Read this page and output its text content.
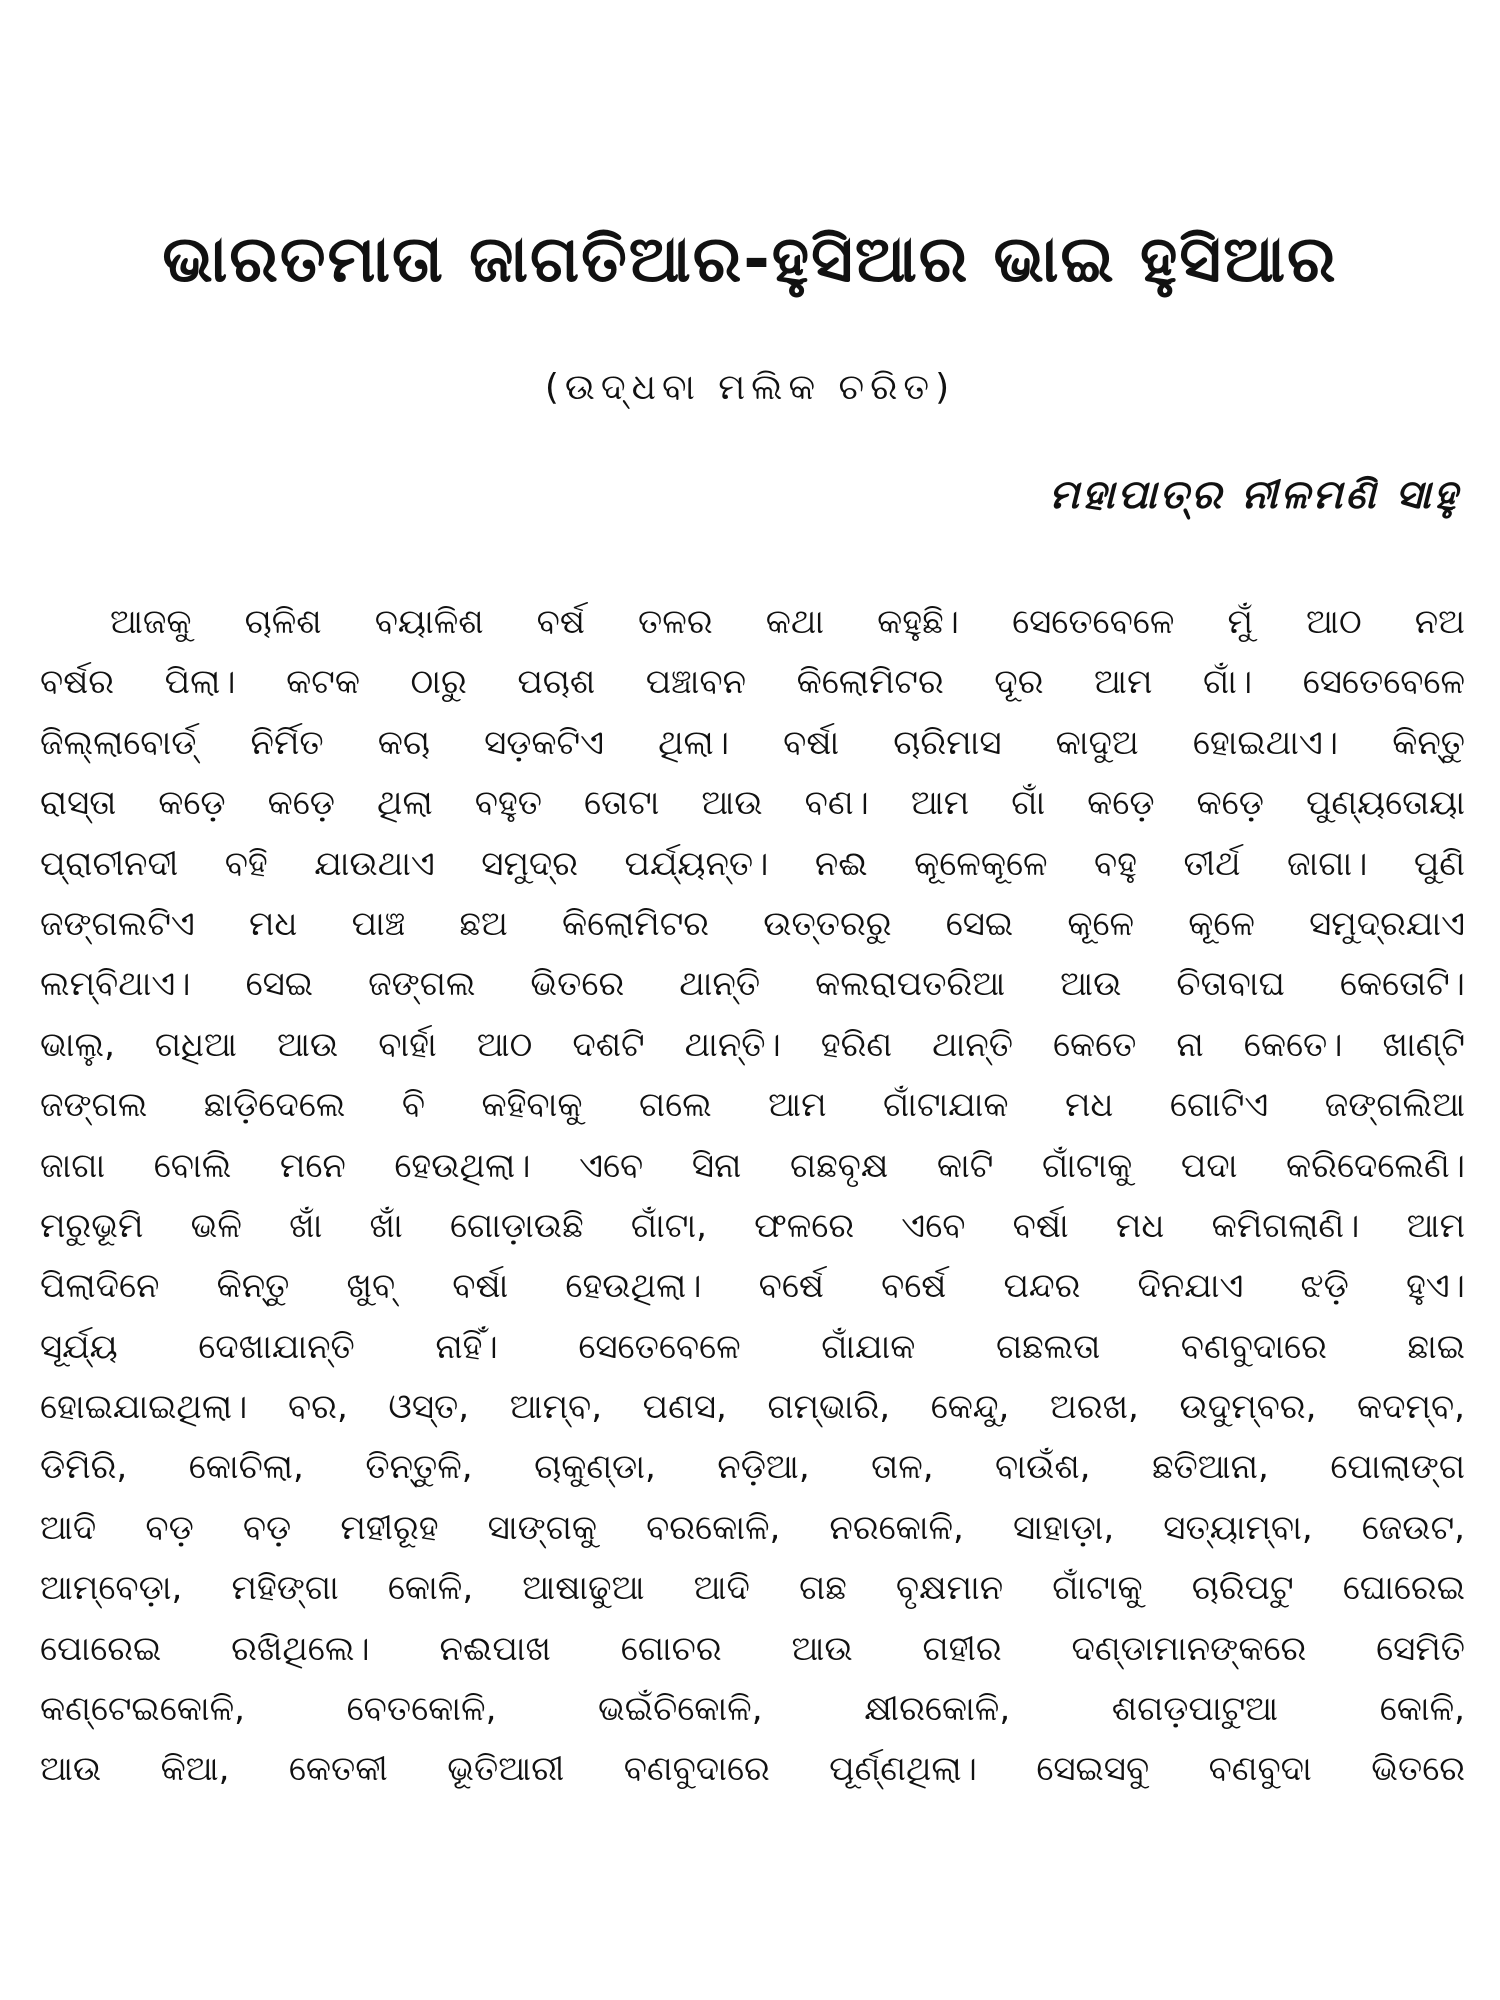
ଭାରତମାତା ଜାଗତିଆର-ହୁସିଆର ଭାଇ ହୁସିଆର
(ଉଦ୍ଧବା ମଲିକ ଚରିତ)
ମହାପାତ୍ର ନୀଳମଣି ସାହୁ
ଆଜକୁ ଚାଳିଶ ବୟାଳିଶ ବର୍ଷ ତଳର କଥା କହୁଛି। ସେତେବେଳେ ମୁଁ ଆଠ ନଅ
ବର୍ଷର ପିଲା। କଟକ ଠାରୁ ପଚାଶ ପଞ୍ଚାବନ କିଲୋମିଟର ଦୂର ଆମ ଗାଁ। ସେତେବେଳେ
ଜିଲ୍ଲାବୋର୍ଡ୍ ନିର୍ମିତ କଚା ସଡ଼କଟିଏ ଥିଲା। ବର୍ଷା ଚାରିମାସ କାଦୁଅ ହୋଇଥାଏ। କିନ୍ତୁ
ରାସ୍ତା କଡ଼େ କଡ଼େ ଥିଲା ବହୁତ ତୋଟା ଆଉ ବଣ। ଆମ ଗାଁ କଡ଼େ କଡ଼େ ପୁଣ୍ୟତୋୟା
ପ୍ରାଚୀନଦୀ ବହି ଯାଉଥାଏ ସମୁଦ୍ର ପର୍ଯ୍ୟନ୍ତ। ନଈ କୂଳେକୂଳେ ବହୁ ତୀର୍ଥ ଜାଗା। ପୁଣି
ଜଙ୍ଗଲଟିଏ ମଧ ପାଞ୍ଚ ଛଅ କିଲୋମିଟର ଉତ୍ତରରୁ ସେଇ କୂଳେ କୂଳେ ସମୁଦ୍ରଯାଏ
ଲମ୍ବିଥାଏ। ସେଇ ଜଙ୍ଗଲ ଭିତରେ ଥାନ୍ତି କଲରାପତରିଆ ଆଉ ଚିତାବାଘ କେତୋଟି।
ଭାଲୁ, ଗଧିଆ ଆଉ ବାର୍ହା ଆଠ ଦଶଟି ଥାନ୍ତି। ହରିଣ ଥାନ୍ତି କେତେ ନା କେତେ। ଖାଣ୍ଟି
ଜଙ୍ଗଲ ଛାଡ଼ିଦେଲେ ବି କହିବାକୁ ଗଲେ ଆମ ଗାଁଟାଯାକ ମଧ ଗୋଟିଏ ଜଙ୍ଗଲିଆ
ଜାଗା ବୋଲି ମନେ ହେଉଥିଲା। ଏବେ ସିନା ଗଛବୃକ୍ଷ କାଟି ଗାଁଟାକୁ ପଦା କରିଦେଲେଣି।
ମରୁଭୂମି ଭଳି ଖାଁ ଖାଁ ଗୋଡ଼ାଉଛି ଗାଁଟା, ଫଳରେ ଏବେ ବର୍ଷା ମଧ କମିଗଲାଣି। ଆମ
ପିଲାଦିନେ କିନ୍ତୁ ଖୁବ୍ ବର୍ଷା ହେଉଥିଲା। ବର୍ଷେ ବର୍ଷେ ପନ୍ଦର ଦିନଯାଏ ଝଡ଼ି ହୁଏ।
ସୂର୍ଯ୍ୟ ଦେଖାଯାନ୍ତି ନାହିଁ। ସେତେବେଳେ ଗାଁଯାକ ଗଛଲତା ବଣବୁଦାରେ ଛାଇ
ହୋଇଯାଇଥିଲା। ବର, ଓସ୍ତ, ଆମ୍ବ, ପଣସ, ଗମ୍ଭାରି, କେନ୍ଦୁ, ଅରଖ, ଉଦୁମ୍ବର, କଦମ୍ବ,
ଡିମିରି, କୋଚିଲା, ତିନ୍ତୁଳି, ଚାକୁଣ୍ଡା, ନଡ଼ିଆ, ତାଳ, ବାଉଁଶ, ଛତିଆନା, ପୋଲାଙ୍ଗ
ଆଦି ବଡ଼ ବଡ଼ ମହୀରୂହ ସାଙ୍ଗକୁ ବରକୋଳି, ନରକୋଳି, ସାହାଡ଼ା, ସତ୍ୟାମ୍ବା, ଜେଉଟ,
ଆମ୍ବେଡ଼ା, ମହିଙ୍ଗା କୋଳି, ଆଷାଢୁଆ ଆଦି ଗଛ ବୃକ୍ଷମାନ ଗାଁଟାକୁ ଚାରିପଟୁ ଘୋରେଇ
ପୋରେଇ ରଖିଥିଲେ। ନଈପାଖ ଗୋଚର ଆଉ ଗହୀର ଦଣ୍ଡାମାନଙ୍କରେ ସେମିତି
କଣ୍ଟେଇକୋଳି, ବେତକୋଳି, ଭଇଁଚିକୋଳି, କ୍ଷୀରକୋଳି, ଶଗଡ଼ପାଟୁଆ କୋଳି,
ଆଉ କିଆ, କେତକୀ ଭୂତିଆରୀ ବଣବୁଦାରେ ପୂର୍ଣ୍ଣଥିଲା। ସେଇସବୁ ବଣବୁଦା ଭିତରେ
